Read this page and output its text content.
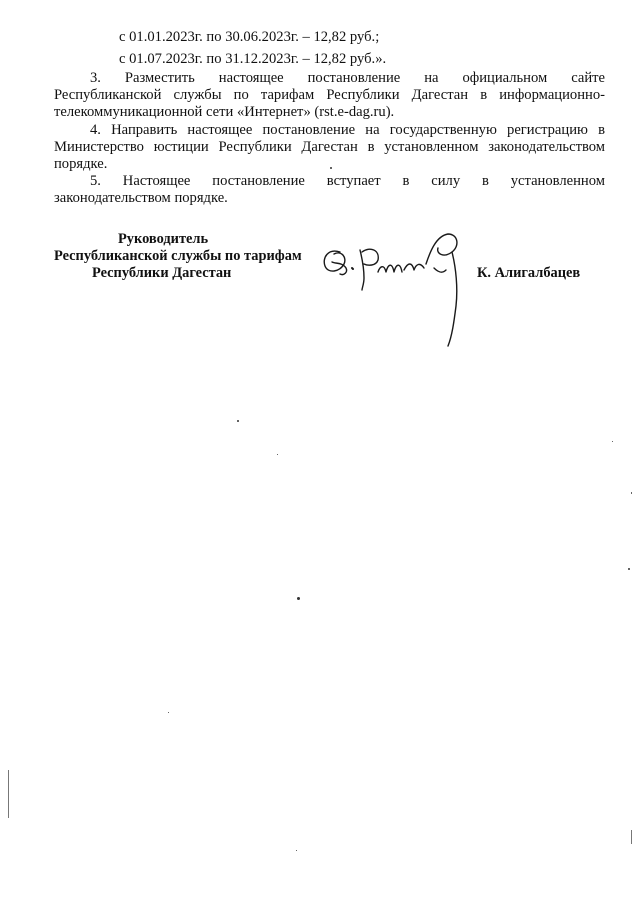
с 01.01.2023г. по 30.06.2023г. – 12,82 руб.;
с 01.07.2023г. по 31.12.2023г. – 12,82 руб.».
3. Разместить настоящее постановление на официальном сайте
Республиканской службы по тарифам Республики Дагестан в информационно-
телекоммуникационной сети «Интернет» (rst.e-dag.ru).
4. Направить настоящее постановление на государственную регистрацию в
Министерство юстиции Республики Дагестан в установленном законодательством
порядке.
5. Настоящее постановление вступает в силу в установленном
законодательством порядке.
Руководитель
Республиканской службы по тарифам
Республики Дагестан	К. Алигалбацев
